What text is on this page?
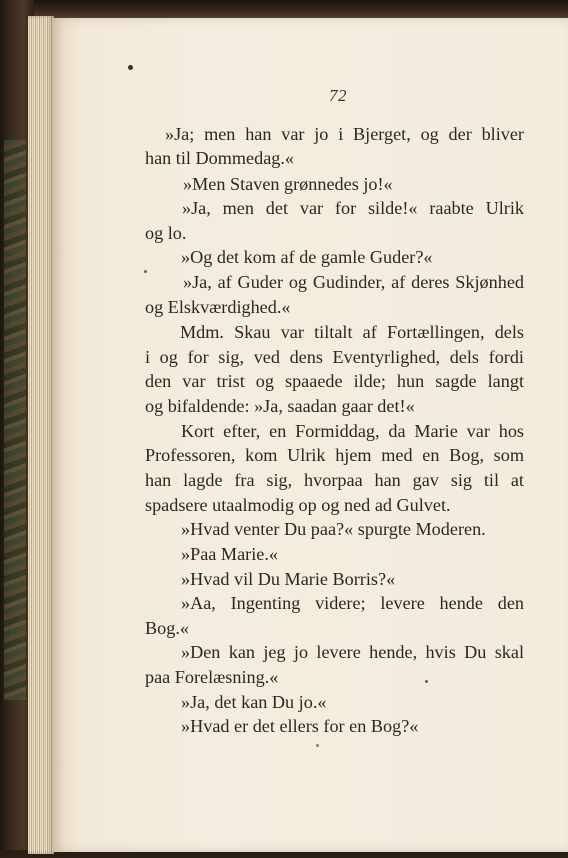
72
»Ja; men han var jo i Bjerget, og der bliver
han til Dommedag.«
»Men Staven grønnedes jo!«
»Ja, men det var for silde!« raabte Ulrik
og lo.
»Og det kom af de gamle Guder?«
»Ja, af Guder og Gudinder, af deres Skjønhed
og Elskværdighed.«
Mdm. Skau var tiltalt af Fortællingen, dels
i og for sig, ved dens Eventyrlighed, dels fordi
den var trist og spaaede ilde; hun sagde langt
og bifaldende: »Ja, saadan gaar det!«
Kort efter, en Formiddag, da Marie var hos
Professoren, kom Ulrik hjem med en Bog, som
han lagde fra sig, hvorpaa han gav sig til at
spadsere utaalmodig op og ned ad Gulvet.
»Hvad venter Du paa?« spurgte Moderen.
»Paa Marie.«
»Hvad vil Du Marie Borris?«
»Aa, Ingenting videre; levere hende den
Bog.«
»Den kan jeg jo levere hende, hvis Du skal
paa Forelæsning.«
»Ja, det kan Du jo.«
»Hvad er det ellers for en Bog?«
